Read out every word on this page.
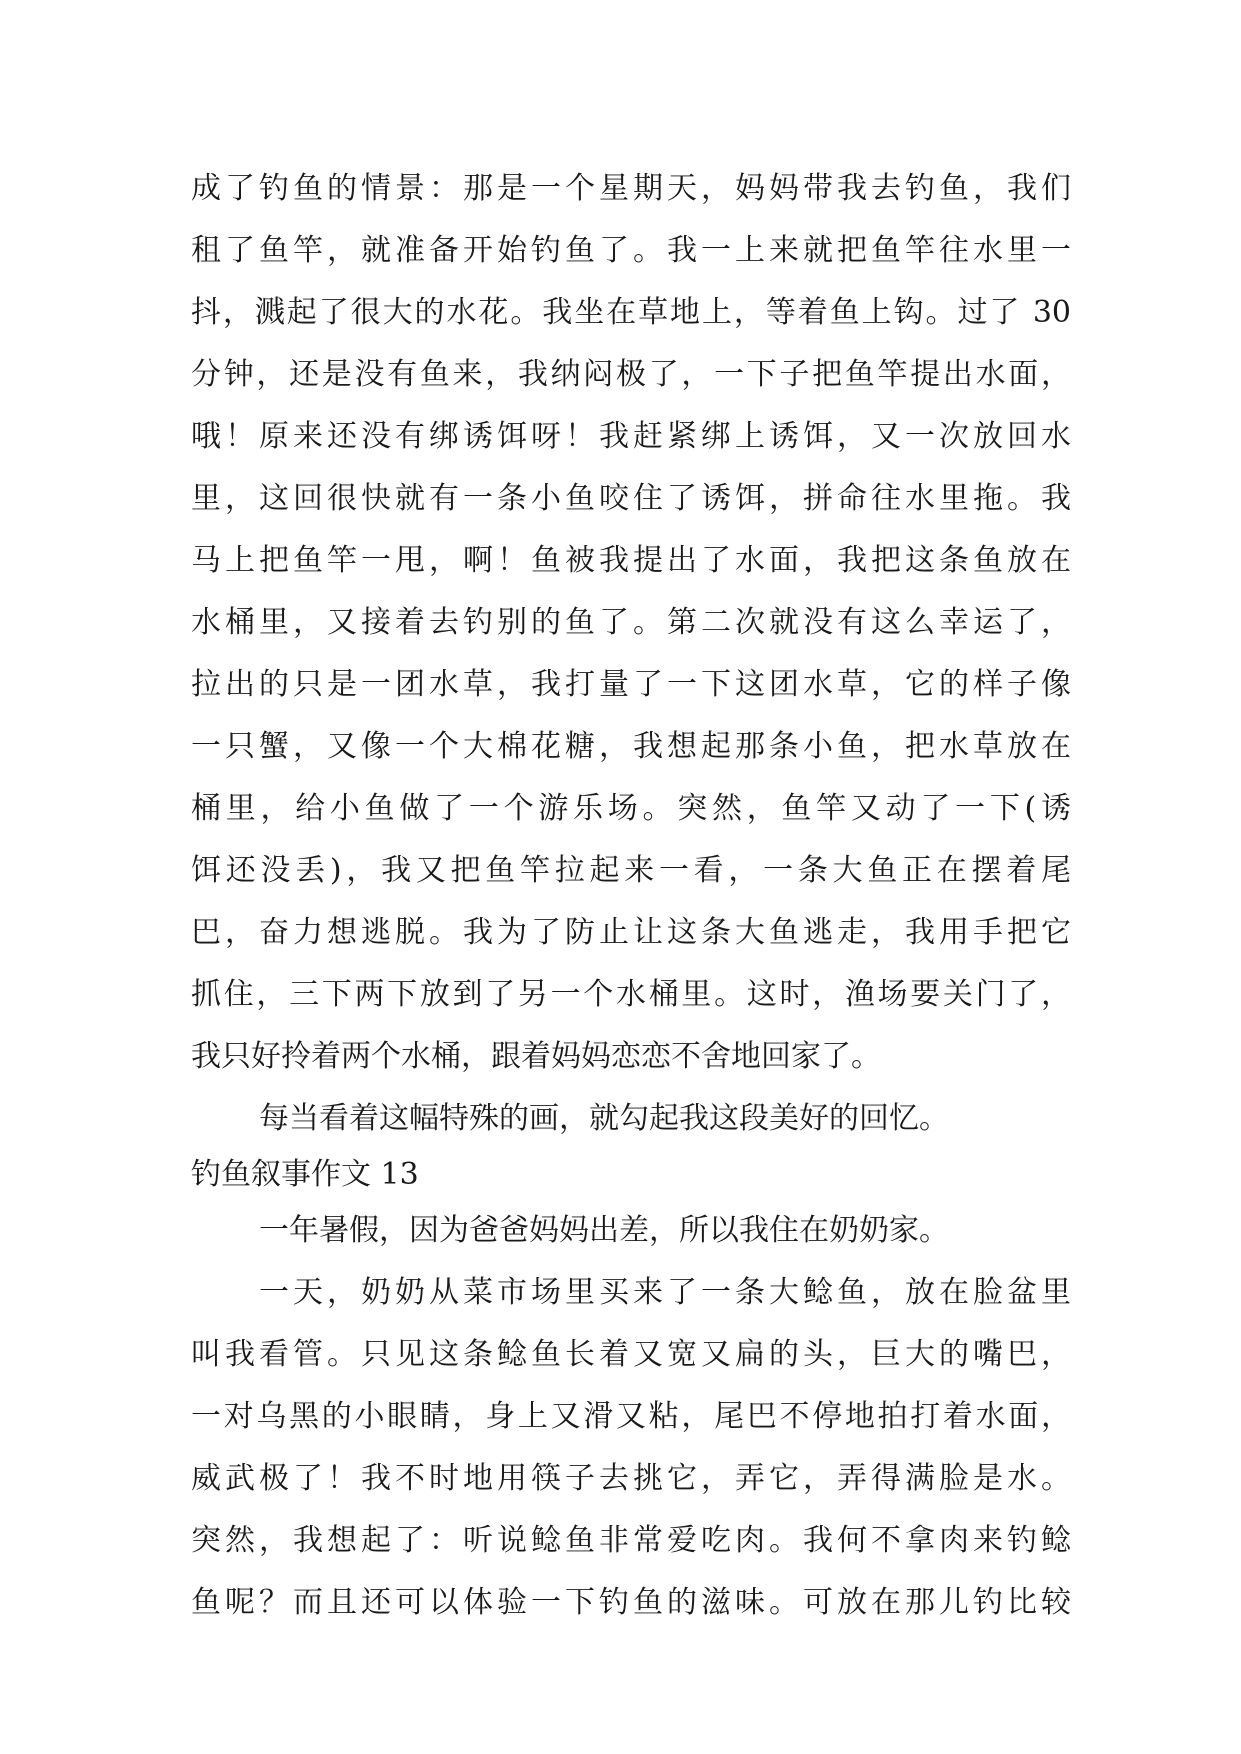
成了钓鱼的情景：那是一个星期天，妈妈带我去钓鱼，我们
租了鱼竿，就准备开始钓鱼了。我一上来就把鱼竿往水里一
抖，溅起了很大的水花。我坐在草地上，等着鱼上钩。过了 30
分钟，还是没有鱼来，我纳闷极了，一下子把鱼竿提出水面，
哦！原来还没有绑诱饵呀！我赶紧绑上诱饵，又一次放回水
里，这回很快就有一条小鱼咬住了诱饵，拼命往水里拖。我
马上把鱼竿一甩，啊！鱼被我提出了水面，我把这条鱼放在
水桶里，又接着去钓别的鱼了。第二次就没有这么幸运了，
拉出的只是一团水草，我打量了一下这团水草，它的样子像
一只蟹，又像一个大棉花糖，我想起那条小鱼，把水草放在
桶里，给小鱼做了一个游乐场。突然，鱼竿又动了一下(诱
饵还没丢)，我又把鱼竿拉起来一看，一条大鱼正在摆着尾
巴，奋力想逃脱。我为了防止让这条大鱼逃走，我用手把它
抓住，三下两下放到了另一个水桶里。这时，渔场要关门了，
我只好拎着两个水桶，跟着妈妈恋恋不舍地回家了。
每当看着这幅特殊的画，就勾起我这段美好的回忆。
钓鱼叙事作文 13
一年暑假，因为爸爸妈妈出差，所以我住在奶奶家。
一天，奶奶从菜市场里买来了一条大鲶鱼，放在脸盆里
叫我看管。只见这条鲶鱼长着又宽又扁的头，巨大的嘴巴，
一对乌黑的小眼睛，身上又滑又粘，尾巴不停地拍打着水面，
威武极了！我不时地用筷子去挑它，弄它，弄得满脸是水。
突然，我想起了：听说鲶鱼非常爱吃肉。我何不拿肉来钓鲶
鱼呢？而且还可以体验一下钓鱼的滋味。可放在那儿钓比较
